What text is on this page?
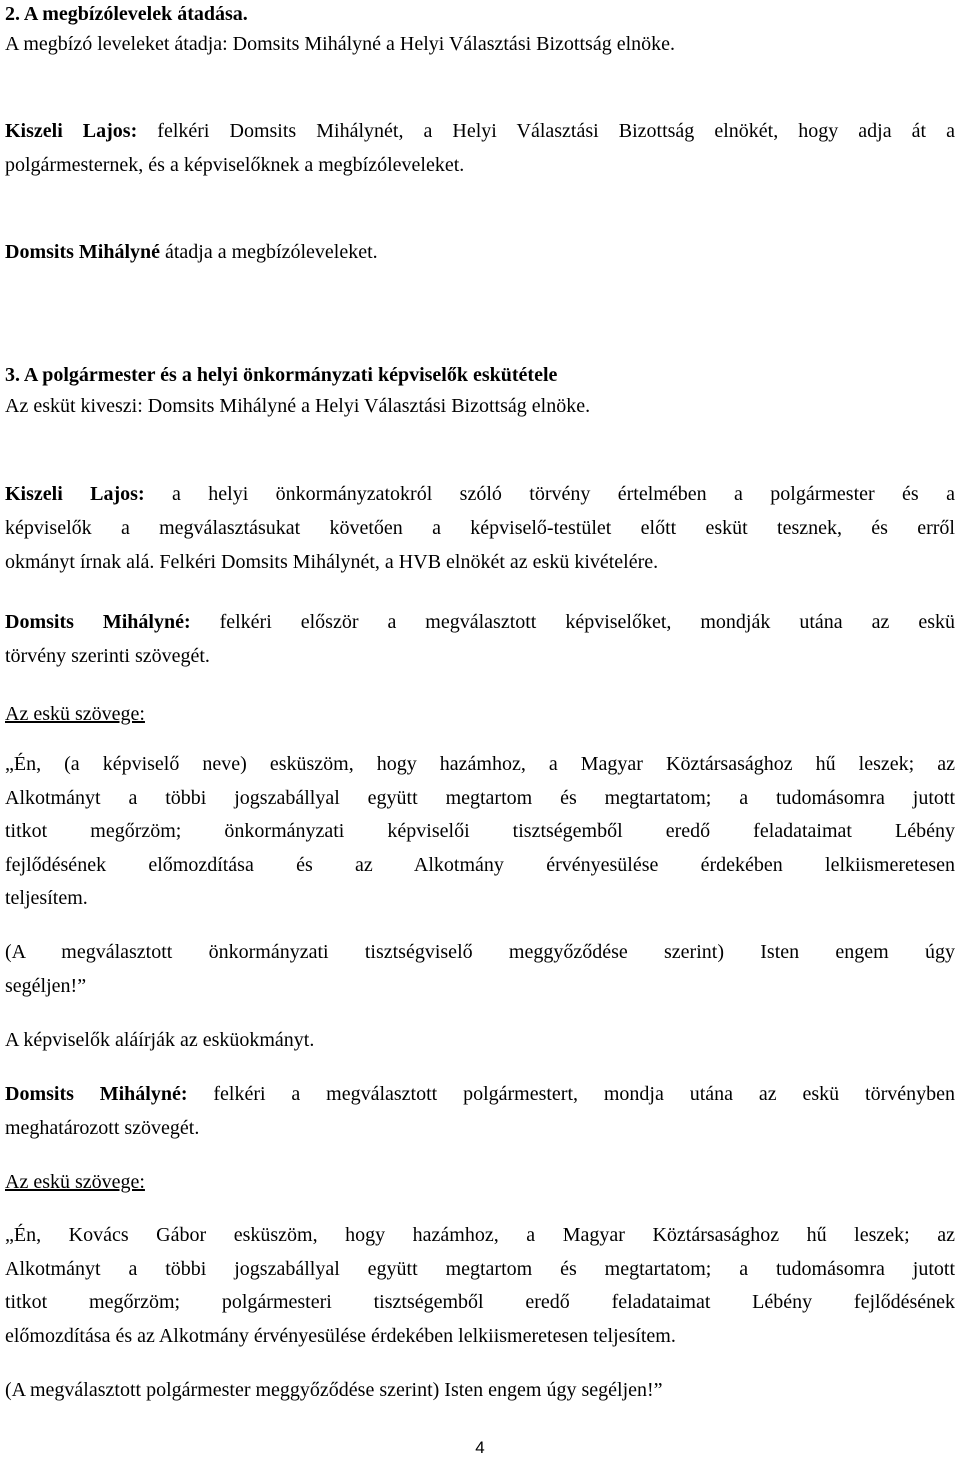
2. A megbízólevelek átadása.
A megbízó leveleket átadja: Domsits Mihályné a Helyi Választási Bizottság elnöke.
Kiszeli Lajos: felkéri Domsits Mihálynét, a Helyi Választási Bizottság elnökét, hogy adja át a
polgármesternek, és a képviselőknek a megbízóleveleket.
Domsits Mihályné átadja a megbízóleveleket.
3. A polgármester és a helyi önkormányzati képviselők eskütétele
Az esküt kiveszi: Domsits Mihályné a Helyi Választási Bizottság elnöke.
Kiszeli Lajos: a helyi önkormányzatokról szóló törvény értelmében a polgármester és a
képviselők a megválasztásukat követően a képviselő-testület előtt esküt tesznek, és erről
okmányt írnak alá. Felkéri Domsits Mihálynét, a HVB elnökét az eskü kivételére.
Domsits Mihályné: felkéri először a megválasztott képviselőket, mondják utána az eskü
törvény szerinti szövegét.
Az eskü szövege:
„Én, (a képviselő neve) esküszöm, hogy hazámhoz, a Magyar Köztársasághoz hű leszek; az
Alkotmányt a többi jogszabállyal együtt megtartom és megtartatom; a tudomásomra jutott
titkot megőrzöm; önkormányzati képviselői tisztségemből eredő feladataimat Lébény
fejlődésének előmozdítása és az Alkotmány érvényesülése érdekében lelkiismeretesen
teljesítem.
(A megválasztott önkormányzati tisztségviselő meggyőződése szerint) Isten engem úgy
segéljen!”
A képviselők aláírják az esküokmányt.
Domsits Mihályné: felkéri a megválasztott polgármestert, mondja utána az eskü törvényben
meghatározott szövegét.
Az eskü szövege:
„Én, Kovács Gábor esküszöm, hogy hazámhoz, a Magyar Köztársasághoz hű leszek; az
Alkotmányt a többi jogszabállyal együtt megtartom és megtartatom; a tudomásomra jutott
titkot megőrzöm; polgármesteri tisztségemből eredő feladataimat Lébény fejlődésének
előmozdítása és az Alkotmány érvényesülése érdekében lelkiismeretesen teljesítem.
(A megválasztott polgármester meggyőződése szerint) Isten engem úgy segéljen!”
4
